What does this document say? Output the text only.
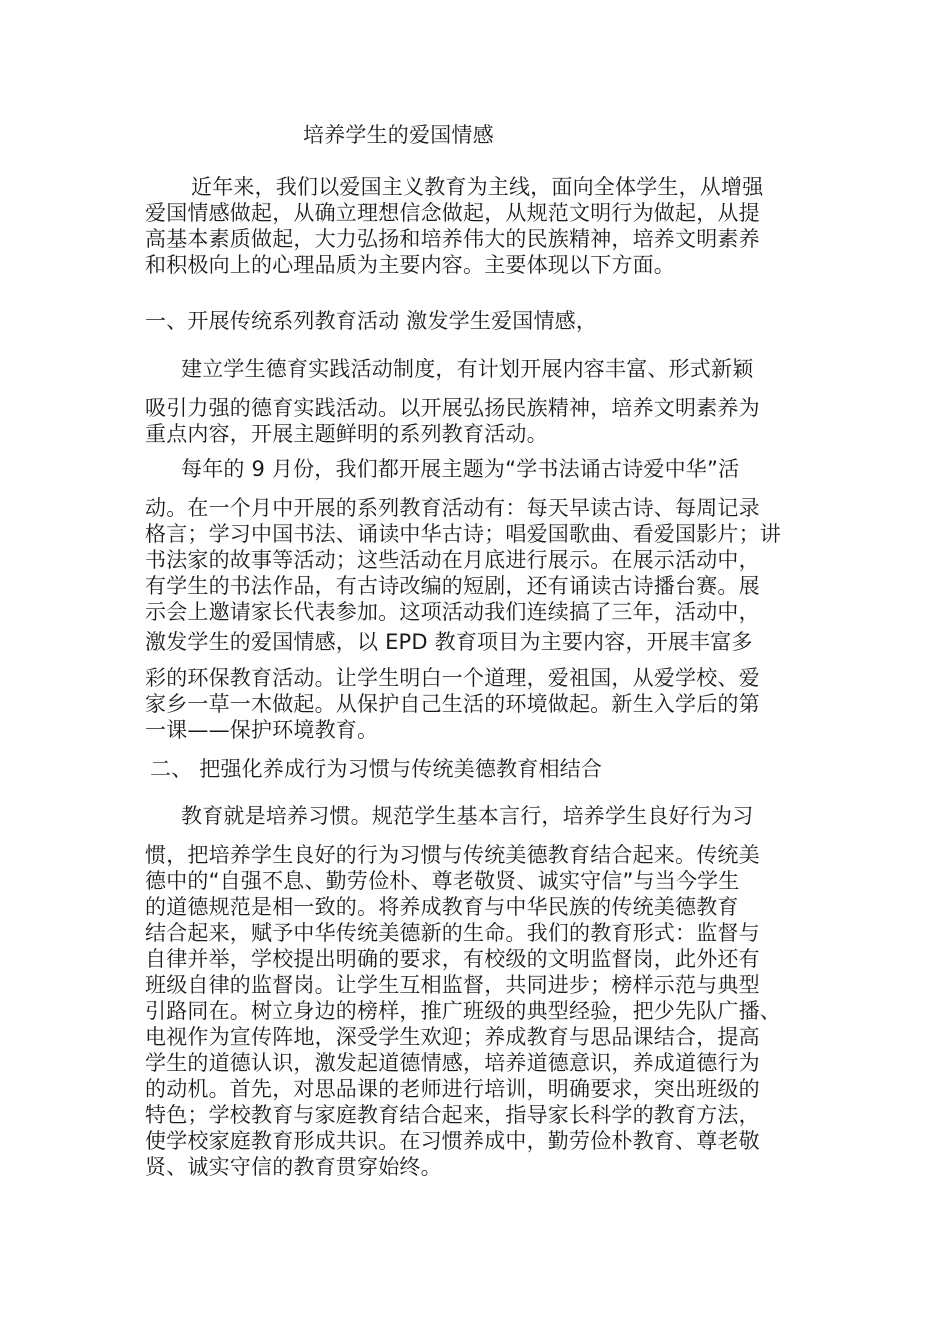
培养学生的爱国情感

近年来，我们以爱国主义教育为主线，面向全体学生，从增强

爱国情感做起，从确立理想信念做起，从规范文明行为做起，从提

高基本素质做起，大力弘扬和培养伟大的民族精神，培养文明素养

和积极向上的心理品质为主要内容。主要体现以下方面。

一、开展传统系列教育活动 激发学生爱国情感，

建立学生德育实践活动制度，有计划开展内容丰富、形式新颖

吸引力强的德育实践活动。以开展弘扬民族精神，培养文明素养为

重点内容，开展主题鲜明的系列教育活动。

每年的 9 月份，我们都开展主题为“学书法诵古诗爱中华”活

动。在一个月中开展的系列教育活动有：每天早读古诗、每周记录

格言；学习中国书法、诵读中华古诗；唱爱国歌曲、看爱国影片；讲

书法家的故事等活动；这些活动在月底进行展示。在展示活动中，

有学生的书法作品，有古诗改编的短剧，还有诵读古诗播台赛。展

示会上邀请家长代表参加。这项活动我们连续搞了三年，活动中，

激发学生的爱国情感，以 EPD 教育项目为主要内容，开展丰富多

彩的环保教育活动。让学生明白一个道理，爱祖国，从爱学校、爱

家乡一草一木做起。从保护自己生活的环境做起。新生入学后的第

一课——保护环境教育。

二、 把强化养成行为习惯与传统美德教育相结合

教育就是培养习惯。规范学生基本言行，培养学生良好行为习

惯，把培养学生良好的行为习惯与传统美德教育结合起来。传统美

德中的“自强不息、勤劳俭朴、尊老敬贤、诚实守信”与当今学生

的道德规范是相一致的。将养成教育与中华民族的传统美德教育

结合起来，赋予中华传统美德新的生命。我们的教育形式：监督与

自律并举，学校提出明确的要求，有校级的文明监督岗，此外还有

班级自律的监督岗。让学生互相监督，共同进步；榜样示范与典型

引路同在。树立身边的榜样，推广班级的典型经验，把少先队广播、

电视作为宣传阵地，深受学生欢迎；养成教育与思品课结合，提高

学生的道德认识，激发起道德情感，培养道德意识，养成道德行为

的动机。首先，对思品课的老师进行培训，明确要求，突出班级的

特色；学校教育与家庭教育结合起来，指导家长科学的教育方法，

使学校家庭教育形成共识。在习惯养成中，勤劳俭朴教育、尊老敬

贤、诚实守信的教育贯穿始终。
